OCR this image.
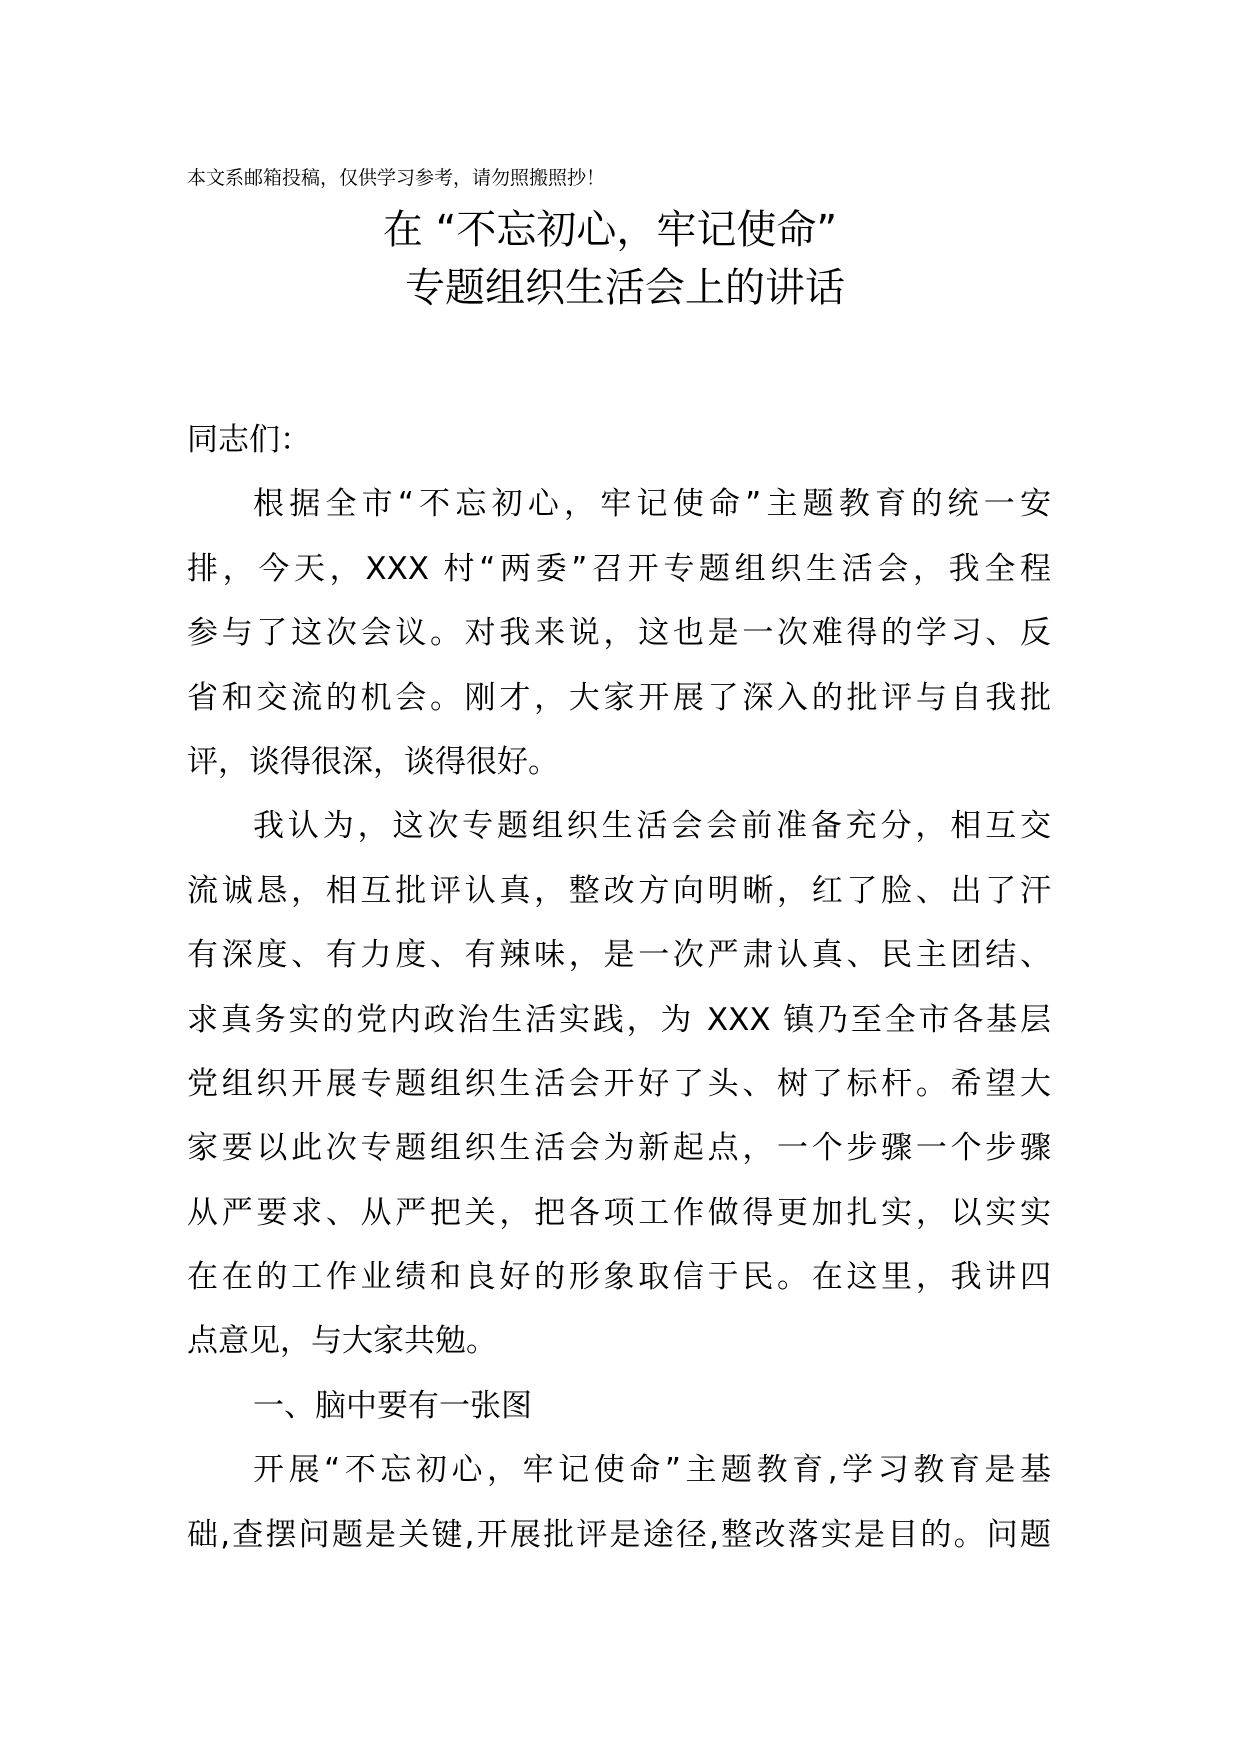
本文系邮箱投稿，仅供学习参考，请勿照搬照抄！
在 “不忘初心，牢记使命”
专题组织生活会上的讲话
同志们：
根据全市“不忘初心，牢记使命”主题教育的统一安
排，今天，XXX 村“两委”召开专题组织生活会，我全程
参与了这次会议。对我来说，这也是一次难得的学习、反
省和交流的机会。刚才，大家开展了深入的批评与自我批
评，谈得很深，谈得很好。
我认为，这次专题组织生活会会前准备充分，相互交
流诚恳，相互批评认真，整改方向明晰，红了脸、出了汗
有深度、有力度、有辣味，是一次严肃认真、民主团结、
求真务实的党内政治生活实践，为 XXX 镇乃至全市各基层
党组织开展专题组织生活会开好了头、树了标杆。希望大
家要以此次专题组织生活会为新起点，一个步骤一个步骤
从严要求、从严把关，把各项工作做得更加扎实，以实实
在在的工作业绩和良好的形象取信于民。在这里，我讲四
点意见，与大家共勉。
一、脑中要有一张图
开展“不忘初心，牢记使命”主题教育,学习教育是基
础,查摆问题是关键,开展批评是途径,整改落实是目的。问题
